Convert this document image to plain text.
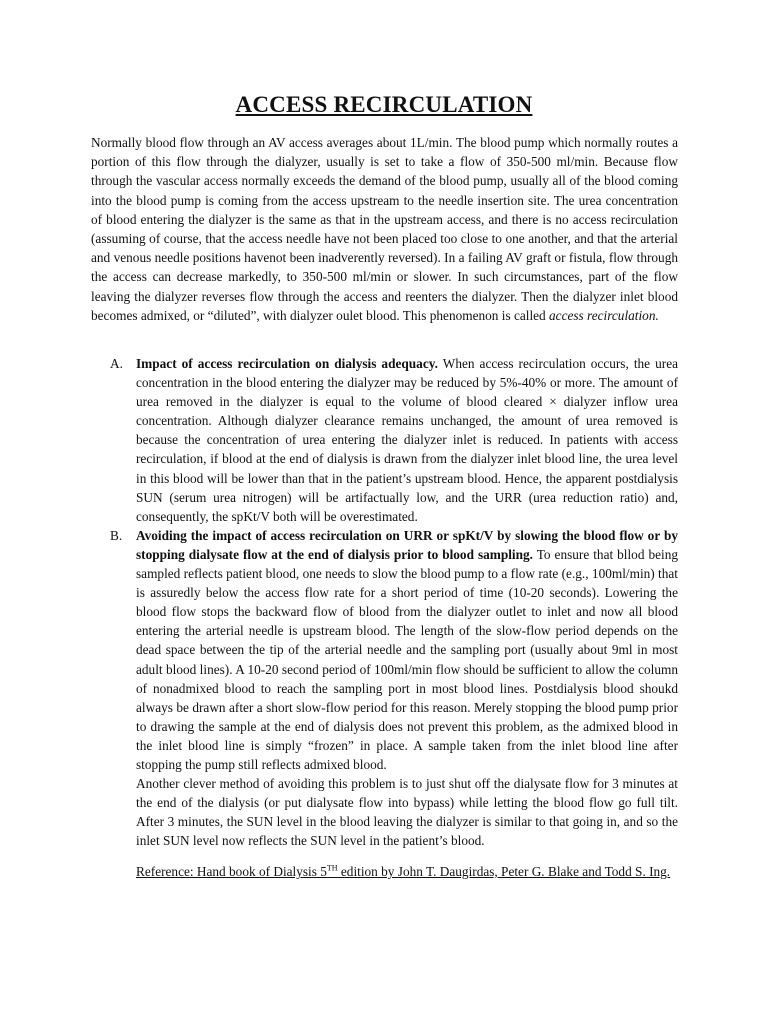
ACCESS RECIRCULATION

Normally blood flow through an AV access averages about 1L/min. The blood pump which normally routes a portion of this flow through the dialyzer, usually is set to take a flow of 350-500 ml/min. Because flow through the vascular access normally exceeds the demand of the blood pump, usually all of the blood coming into the blood pump is coming from the access upstream to the needle insertion site. The urea concentration of blood entering the dialyzer is the same as that in the upstream access, and there is no access recirculation (assuming of course, that the access needle have not been placed too close to one another, and that the arterial and venous needle positions havenot been inadverently reversed). In a failing AV graft or fistula, flow through the access can decrease markedly, to 350-500 ml/min or slower. In such circumstances, part of the flow leaving the dialyzer reverses flow through the access and reenters the dialyzer. Then the dialyzer inlet blood becomes admixed, or “diluted”, with dialyzer oulet blood. This phenomenon is called access recirculation.

A. Impact of access recirculation on dialysis adequacy. When access recirculation occurs, the urea concentration in the blood entering the dialyzer may be reduced by 5%-40% or more. The amount of urea removed in the dialyzer is equal to the volume of blood cleared × dialyzer inflow urea concentration. Although dialyzer clearance remains unchanged, the amount of urea removed is because the concentration of urea entering the dialyzer inlet is reduced. In patients with access recirculation, if blood at the end of dialysis is drawn from the dialyzer inlet blood line, the urea level in this blood will be lower than that in the patient’s upstream blood. Hence, the apparent postdialysis SUN (serum urea nitrogen) will be artifactually low, and the URR (urea reduction ratio) and, consequently, the spKt/V both will be overestimated.
B. Avoiding the impact of access recirculation on URR or spKt/V by slowing the blood flow or by stopping dialysate flow at the end of dialysis prior to blood sampling. To ensure that bllod being sampled reflects patient blood, one needs to slow the blood pump to a flow rate (e.g., 100ml/min) that is assuredly below the access flow rate for a short period of time (10-20 seconds). Lowering the blood flow stops the backward flow of blood from the dialyzer outlet to inlet and now all blood entering the arterial needle is upstream blood. The length of the slow-flow period depends on the dead space between the tip of the arterial needle and the sampling port (usually about 9ml in most adult blood lines). A 10-20 second period of 100ml/min flow should be sufficient to allow the column of nonadmixed blood to reach the sampling port in most blood lines. Postdialysis blood shoukd always be drawn after a short slow-flow period for this reason. Merely stopping the blood pump prior to drawing the sample at the end of dialysis does not prevent this problem, as the admixed blood in the inlet blood line is simply “frozen” in place. A sample taken from the inlet blood line after stopping the pump still reflects admixed blood.
Another clever method of avoiding this problem is to just shut off the dialysate flow for 3 minutes at the end of the dialysis (or put dialysate flow into bypass) while letting the blood flow go full tilt. After 3 minutes, the SUN level in the blood leaving the dialyzer is similar to that going in, and so the inlet SUN level now reflects the SUN level in the patient’s blood.

Reference: Hand book of Dialysis 5TH edition by John T. Daugirdas, Peter G. Blake and Todd S. Ing.
